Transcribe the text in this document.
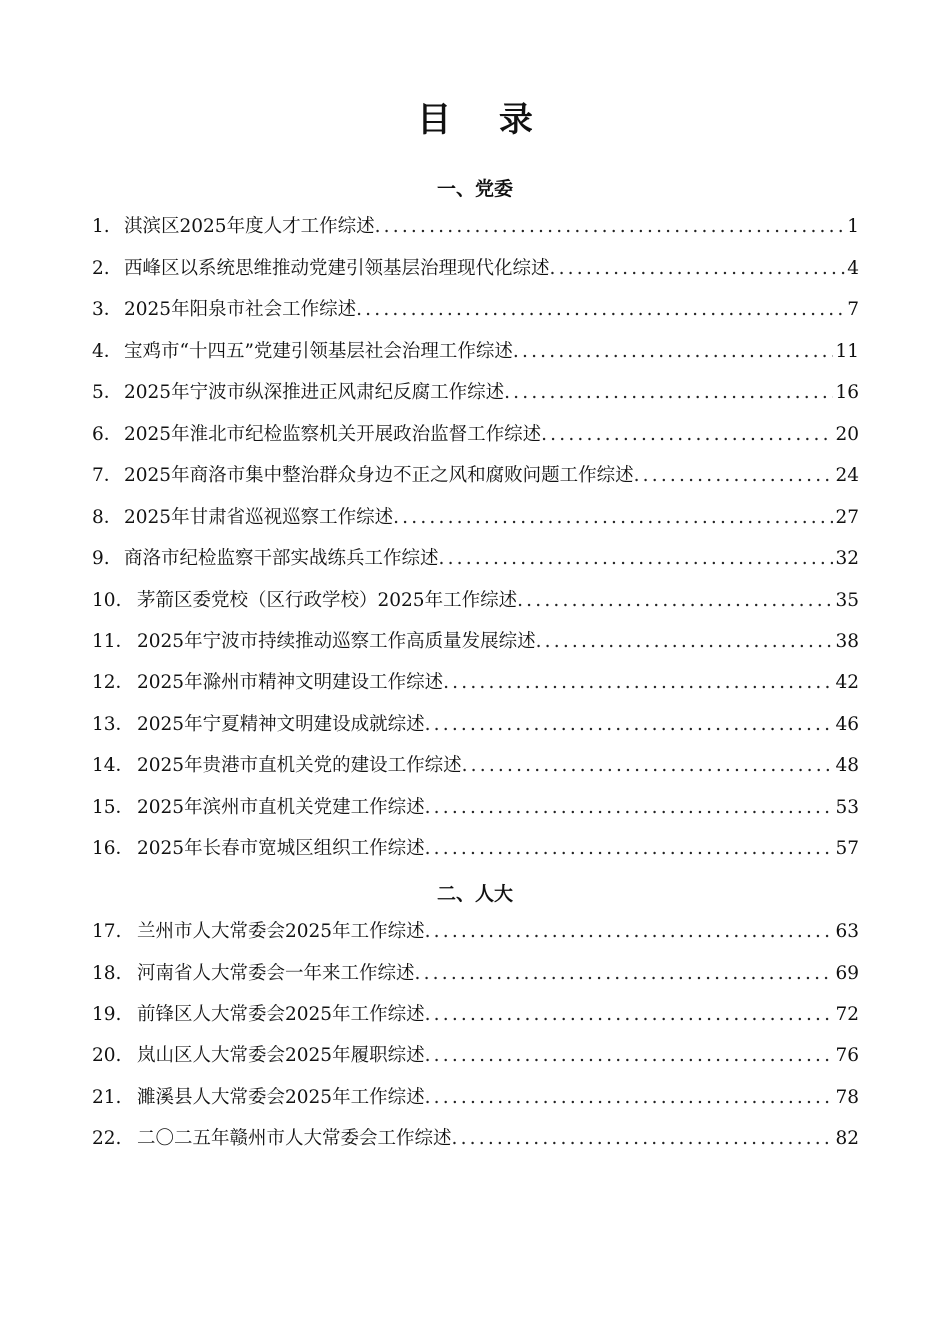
目 录
一、党委
1. 淇滨区2025年度人才工作综述 .....	1
2. 西峰区以系统思维推动党建引领基层治理现代化综述 .....	4
3． 2025年阳泉市社会工作综述 .....	7
4． 宝鸡市“十四五”党建引领基层社会治理工作综述 .....	11
5． 2025年宁波市纵深推进正风肃纪反腐工作综述 .....	16
6． 2025年淮北市纪检监察机关开展政治监督工作综述 .....	20
7． 2025年商洛市集中整治群众身边不正之风和腐败问题工作综述 .....	24
8． 2025年甘肃省巡视巡察工作综述 .....	27
9. 商洛市纪检监察干部实战练兵工作综述 .....	32
10. 茅箭区委党校（区行政学校）2025年工作综述 .....	35
11． 2025年宁波市持续推动巡察工作高质量发展综述 .....	38
12． 2025年滁州市精神文明建设工作综述 .....	42
13． 2025年宁夏精神文明建设成就综述 .....	46
14． 2025年贵港市直机关党的建设工作综述 .....	48
15． 2025年滨州市直机关党建工作综述 .....	53
16． 2025年长春市宽城区组织工作综述 .....	57
二、人大
17. 兰州市人大常委会2025年工作综述 .....	63
18. 河南省人大常委会一年来工作综述 .....	69
19. 前锋区人大常委会2025年工作综述 .....	72
20. 岚山区人大常委会2025年履职综述 .....	76
21. 濉溪县人大常委会2025年工作综述 .....	78
22. 二〇二五年赣州市人大常委会工作综述 .....	82
